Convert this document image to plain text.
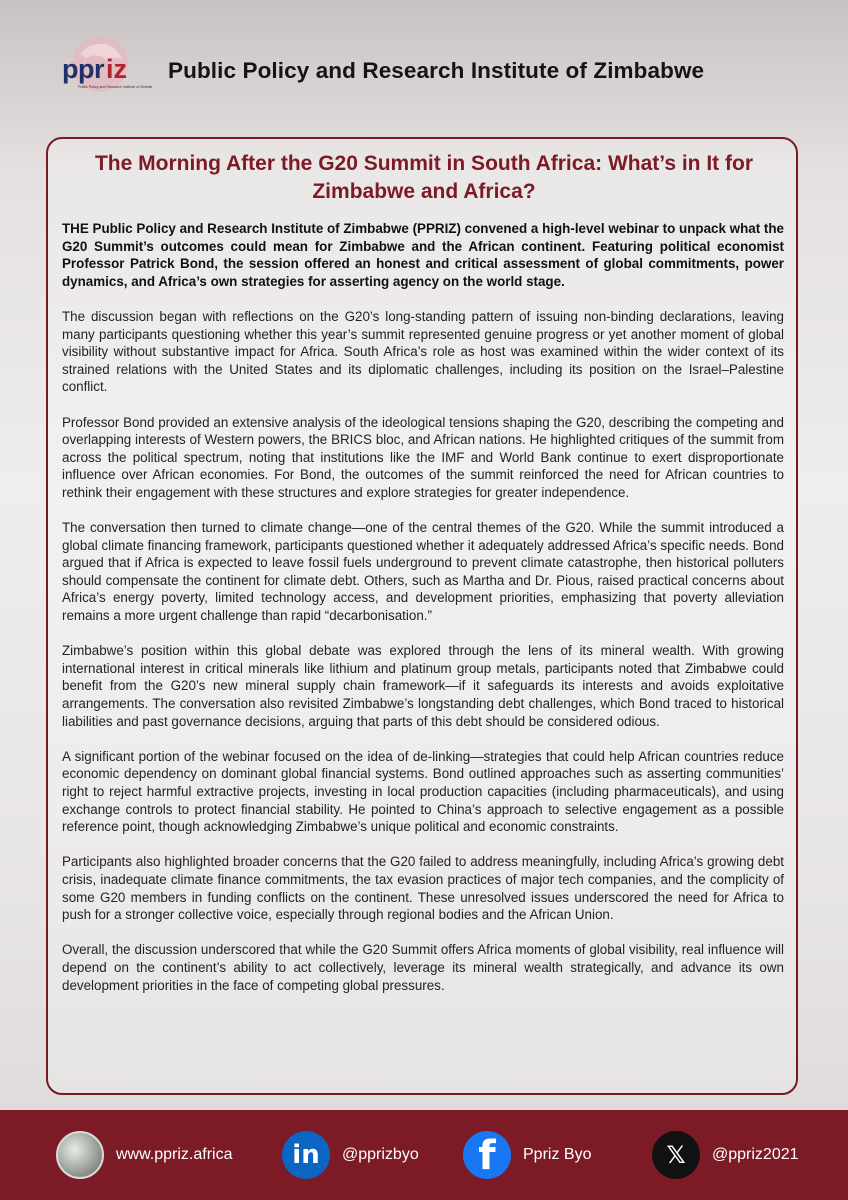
ppr iz
Public Policy and Research Institute of Zimbabwe
Public Policy and Research Institute of Zimbabwe
The Morning After the G20 Summit in South Africa: What’s in It for Zimbabwe and Africa?

THE Public Policy and Research Institute of Zimbabwe (PPRIZ) convened a high-level webinar to unpack what the G20 Summit’s outcomes could mean for Zimbabwe and the African continent. Featuring political economist Professor Patrick Bond, the session offered an honest and critical assessment of global commitments, power dynamics, and Africa’s own strategies for asserting agency on the world stage.

The discussion began with reflections on the G20’s long-standing pattern of issuing non-binding declarations, leaving many participants questioning whether this year’s summit represented genuine progress or yet another moment of global visibility without substantive impact for Africa. South Africa’s role as host was examined within the wider context of its strained relations with the United States and its diplomatic challenges, including its position on the Israel–Palestine conflict.

Professor Bond provided an extensive analysis of the ideological tensions shaping the G20, describing the competing and overlapping interests of Western powers, the BRICS bloc, and African nations. He highlighted critiques of the summit from across the political spectrum, noting that institutions like the IMF and World Bank continue to exert disproportionate influence over African economies. For Bond, the outcomes of the summit reinforced the need for African countries to rethink their engagement with these structures and explore strategies for greater independence.

The conversation then turned to climate change—one of the central themes of the G20. While the summit introduced a global climate financing framework, participants questioned whether it adequately addressed Africa’s specific needs. Bond argued that if Africa is expected to leave fossil fuels underground to prevent climate catastrophe, then historical polluters should compensate the continent for climate debt. Others, such as Martha and Dr. Pious, raised practical concerns about Africa’s energy poverty, limited technology access, and development priorities, emphasizing that poverty alleviation remains a more urgent challenge than rapid “decarbonisation.”

Zimbabwe’s position within this global debate was explored through the lens of its mineral wealth. With growing international interest in critical minerals like lithium and platinum group metals, participants noted that Zimbabwe could benefit from the G20’s new mineral supply chain framework—if it safeguards its interests and avoids exploitative arrangements. The conversation also revisited Zimbabwe’s longstanding debt challenges, which Bond traced to historical liabilities and past governance decisions, arguing that parts of this debt should be considered odious.

A significant portion of the webinar focused on the idea of de-linking—strategies that could help African countries reduce economic dependency on dominant global financial systems. Bond outlined approaches such as asserting communities’ right to reject harmful extractive projects, investing in local production capacities (including pharmaceuticals), and using exchange controls to protect financial stability. He pointed to China’s approach to selective engagement as a possible reference point, though acknowledging Zimbabwe’s unique political and economic constraints.

Participants also highlighted broader concerns that the G20 failed to address meaningfully, including Africa’s growing debt crisis, inadequate climate finance commitments, the tax evasion practices of major tech companies, and the complicity of some G20 members in funding conflicts on the continent. These unresolved issues underscored the need for Africa to push for a stronger collective voice, especially through regional bodies and the African Union.

Overall, the discussion underscored that while the G20 Summit offers Africa moments of global visibility, real influence will depend on the continent’s ability to act collectively, leverage its mineral wealth strategically, and advance its own development priorities in the face of competing global pressures.

www.ppriz.africa	in	@pprizbyo	f	Ppriz Byo	𝕏	@ppriz2021
